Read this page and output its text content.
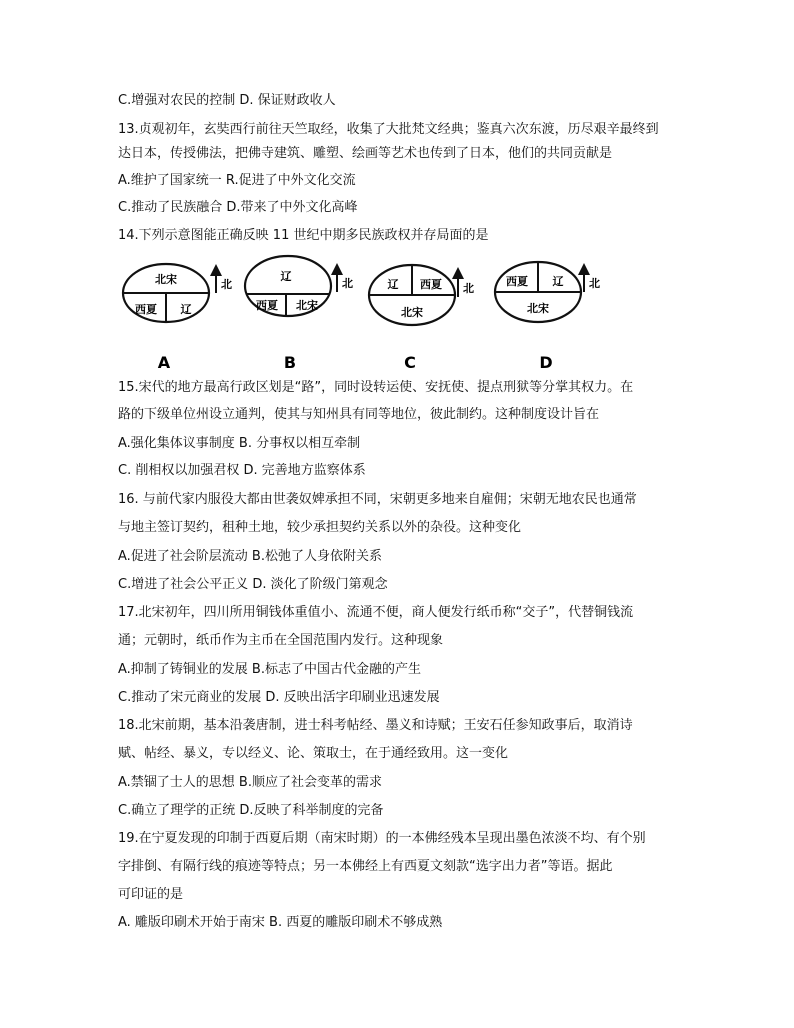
C.增强对农民的控制 D. 保证财政收人
13.贞观初年，玄奘西行前往天竺取经，收集了大批梵文经典；鉴真六次东渡，历尽艰辛最终到
达日本，传授佛法，把佛寺建筑、雕塑、绘画等艺术也传到了日本，他们的共同贡献是
A.维护了国家统一 R.促进了中外文化交流
C.推动了民族融合 D.带来了中外文化高峰
14.下列示意图能正确反映 11 世纪中期多民族政权并存局面的是
15.宋代的地方最高行政区划是“路”，同时设转运使、安抚使、提点刑狱等分掌其权力。在
路的下级单位州设立通判，使其与知州具有同等地位，彼此制约。这种制度设计旨在
A.强化集体议事制度 B. 分事权以相互牵制
C. 削相权以加强君权 D. 完善地方监察体系
16. 与前代家内服役大都由世袭奴婢承担不同，宋朝更多地来自雇佣；宋朝无地农民也通常
与地主签订契约，租种土地，较少承担契约关系以外的杂役。这种变化
A.促进了社会阶层流动 B.松弛了人身依附关系
C.增进了社会公平正义 D. 淡化了阶级门第观念
17.北宋初年，四川所用铜钱体重值小、流通不便，商人便发行纸币称“交子”，代替铜钱流
通；元朝时，纸币作为主币在全国范围内发行。这种现象
A.抑制了铸铜业的发展 B.标志了中国古代金融的产生
C.推动了宋元商业的发展 D. 反映出活字印刷业迅速发展
18.北宋前期，基本沿袭唐制，进士科考帖经、墨义和诗赋；王安石任参知政事后，取消诗
赋、帖经、暴义，专以经义、论、策取士，在于通经致用。这一变化
A.禁锢了士人的思想 B.顺应了社会变革的需求
C.确立了理学的正统 D.反映了科举制度的完备
19.在宁夏发现的印制于西夏后期（南宋时期）的一本佛经残本呈现出墨色浓淡不均、有个别
字排倒、有隔行线的痕迹等特点；另一本佛经上有西夏文刻款“选字出力者”等语。据此
可印证的是
A. 雕版印刷术开始于南宋 B. 西夏的雕版印刷术不够成熟
北宋
西夏 辽
北
A
辽
西夏 北宋
北
B
辽 西夏
北宋
北
C
西夏 辽
北宋
北
D
